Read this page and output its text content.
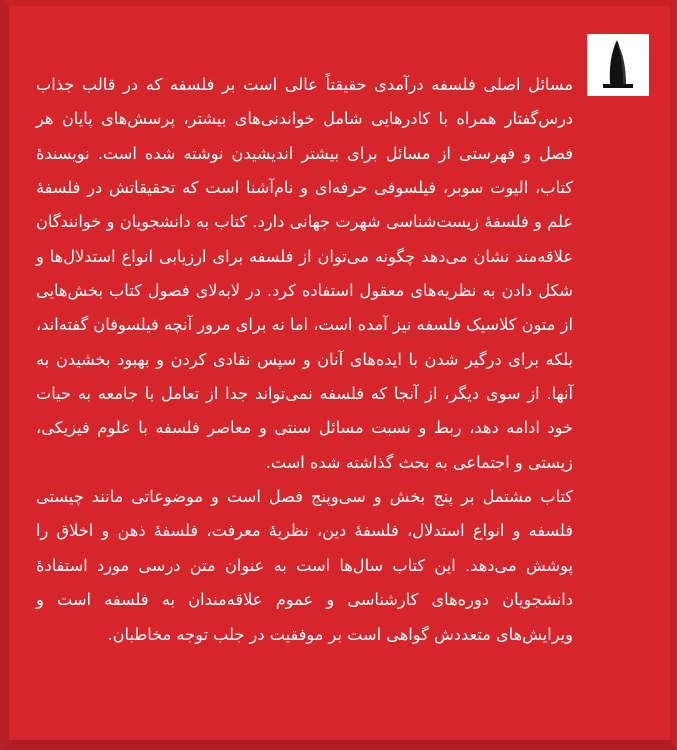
مسائل اصلی فلسفه درآمدی حقیقتاً عالی است بر فلسفه که در قالب جذاب درس‌گفتار همراه با کادرهایی شامل خواندنی‌های بیشتر، پرسش‌های پایان هر فصل و فهرستی از مسائل برای بیشتر اندیشیدن نوشته شده است. نویسندهٔ کتاب، الیوت سوبر، فیلسوفی حرفه‌ای و نام‌آشنا است که تحقیقاتش در فلسفهٔ علم و فلسفهٔ زیست‌شناسی شهرت جهانی دارد. کتاب به دانشجویان و خوانندگان علاقه‌مند نشان می‌دهد چگونه می‌توان از فلسفه برای ارزیابی انواع استدلال‌ها و شکل دادن به نظریه‌های معقول استفاده کرد. در لابه‌لای فصول کتاب بخش‌هایی از متون کلاسیک فلسفه نیز آمده است، اما نه برای مرور آنچه فیلسوفان گفته‌اند، بلکه برای درگیر شدن با ایده‌های آنان و سپس نقادی کردن و بهبود بخشیدن به آنها. از سوی دیگر، از آنجا که فلسفه نمی‌تواند جدا از تعامل با جامعه به حیات خود ادامه دهد، ربط و نسبت مسائل سنتی و معاصر فلسفه با علوم فیزیکی، زیستی و اجتماعی به بحث گذاشته شده است.

کتاب مشتمل بر پنج بخش و سی‌وپنج فصل است و موضوعاتی مانند چیستی فلسفه و انواع استدلال، فلسفهٔ دین، نظریهٔ معرفت، فلسفهٔ ذهن و اخلاق را پوشش می‌دهد. این کتاب سال‌ها است به عنوان متن درسی مورد استفادهٔ دانشجویان دوره‌های کارشناسی و عموم علاقه‌مندان به فلسفه است و ویرایش‌های متعددش گواهی است بر موفقیت در جلب توجه مخاطبان.
